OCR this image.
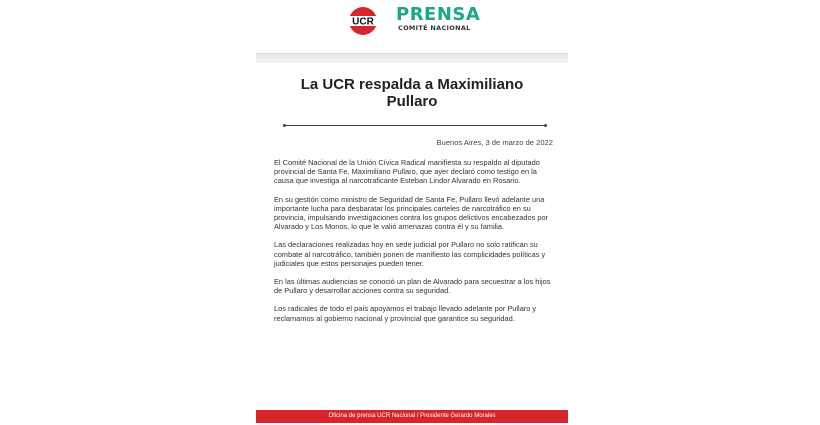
UCR PRENSA
COMITÉ NACIONAL
La UCR respalda a Maximiliano
Pullaro
Buenos Aires, 3 de marzo de 2022

El Comité Nacional de la Unión Cívica Radical manifiesta su respaldo al diputado provincial de Santa Fe, Maximiliano Pullaro, que ayer declaró como testigo en la causa que investiga al narcotraficante Esteban Lindor Alvarado en Rosario.

En su gestión como ministro de Seguridad de Santa Fe, Pullaro llevó adelante una importante lucha para desbaratar los principales carteles de narcotráfico en su provincia, impulsando investigaciones contra los grupos delictivos encabezados por Alvarado y Los Monos, lo que le valió amenazas contra él y su familia.

Las declaraciones realizadas hoy en sede judicial por Pullaro no solo ratifican su combate al narcotráfico, también ponen de manifiesto las complicidades políticas y judiciales que estos personajes pueden tener.

En las últimas audiencias se conoció un plan de Alvarado para secuestrar a los hijos de Pullaro y desarrollar acciones contra su seguridad.

Los radicales de todo el país apoyamos el trabajo llevado adelante por Pullaro y reclamamos al gobierno nacional y provincial que garantice su seguridad.

Oficina de prensa UCR Nacional / Presidente Gerardo Morales
